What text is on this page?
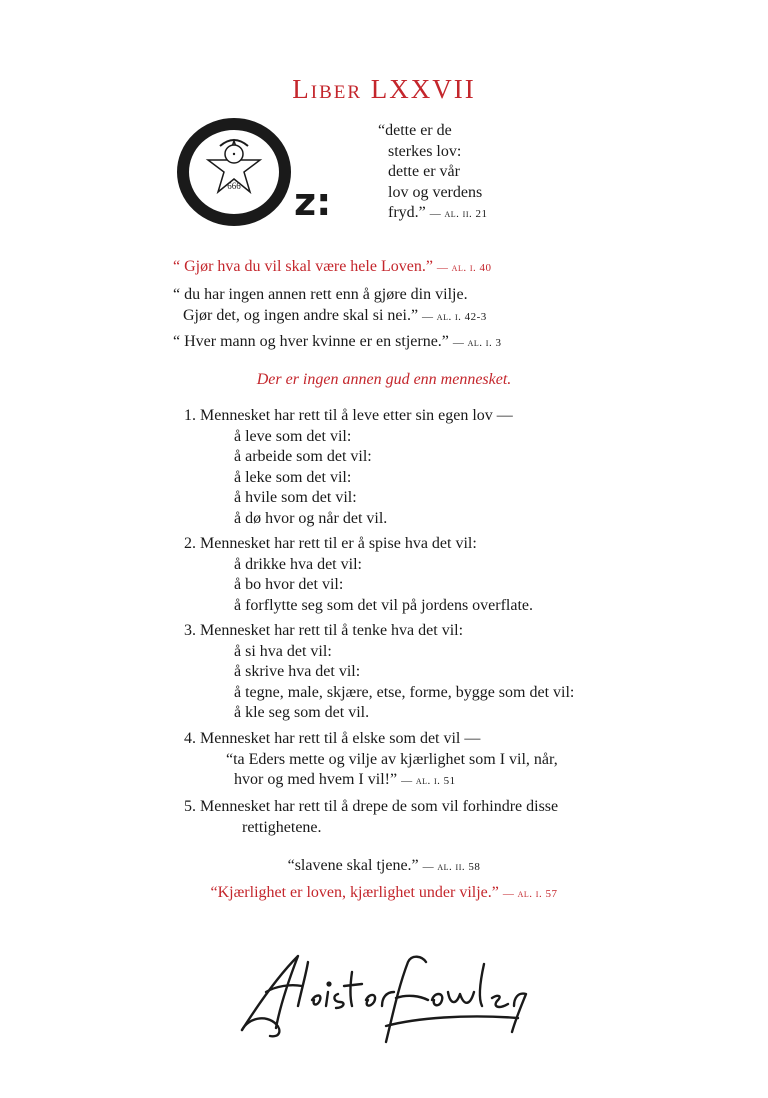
Liber LXXVII
666 z:
“dette er de
sterkes lov:
dette er vår
lov og verdens
fryd.” — al. ii. 21
“ Gjør hva du vil skal være hele Loven.” — al. i. 40
“ du har ingen annen rett enn å gjøre din vilje.
Gjør det, og ingen andre skal si nei.” — al. i. 42-3
“ Hver mann og hver kvinne er en stjerne.” — al. i. 3
Der er ingen annen gud enn mennesket.
1. Mennesket har rett til å leve etter sin egen lov —
å leve som det vil:
å arbeide som det vil:
å leke som det vil:
å hvile som det vil:
å dø hvor og når det vil.
2. Mennesket har rett til er å spise hva det vil:
å drikke hva det vil:
å bo hvor det vil:
å forflytte seg som det vil på jordens overflate.
3. Mennesket har rett til å tenke hva det vil:
å si hva det vil:
å skrive hva det vil:
å tegne, male, skjære, etse, forme, bygge som det vil:
å kle seg som det vil.
4. Mennesket har rett til å elske som det vil —
“ta Eders mette og vilje av kjærlighet som I vil, når,
hvor og med hvem I vil!” — al. i. 51
5. Mennesket har rett til å drepe de som vil forhindre disse
rettighetene.
“slavene skal tjene.” — al. ii. 58
“Kjærlighet er loven, kjærlighet under vilje.” — al. i. 57
